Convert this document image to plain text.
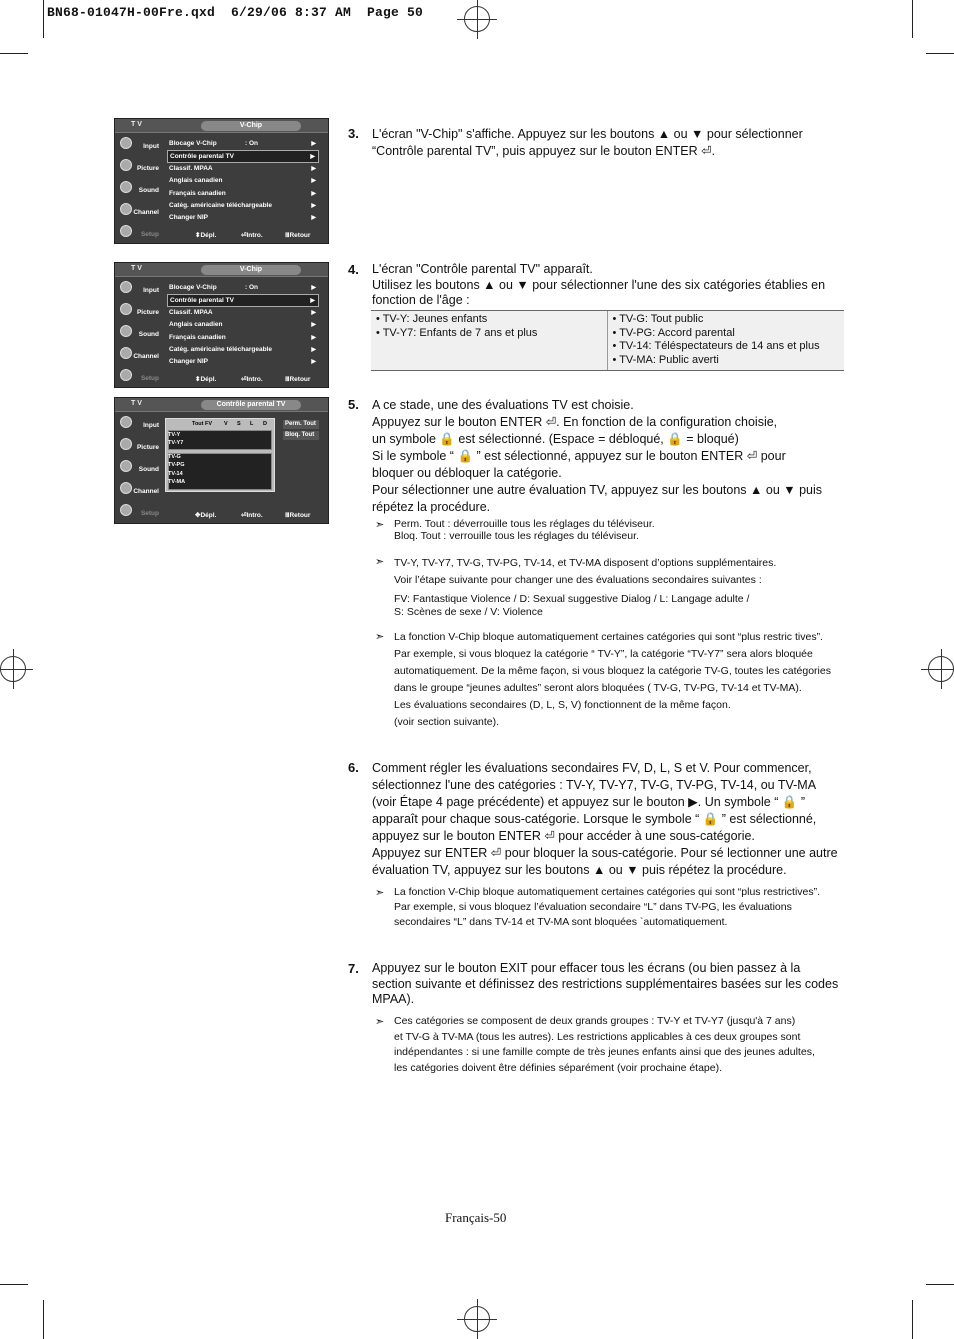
BN68-01047H-00Fre.qxd  6/29/06 8:37 AM  Page 50
T V	V-Chip
Input
Picture
Sound
Channel
Setup
Blocage V-Chip	: On	▶
Contrôle parental TV	▶
Classif. MPAA	▶
Anglais canadien	▶
Français canadien	▶
Catég. américaine téléchargeable	▶
Changer NIP	▶
⬍Dépl.	⏎Intro.	ⅢRetour
T V	V-Chip
Input
Picture
Sound
Channel
Setup
Blocage V-Chip	: On	▶
Contrôle parental TV	▶
Classif. MPAA	▶
Anglais canadien	▶
Français canadien	▶
Catég. américaine téléchargeable	▶
Changer NIP	▶
⬍Dépl.	⏎Intro.	ⅢRetour
T V	Contrôle parental TV
Input
Picture
Sound
Channel
Setup
Tout FV V S L D
TV-Y
TV-Y7
TV-G
TV-PG
TV-14
TV-MA
Perm. Tout
Bloq. Tout
✥Dépl.	⏎Intro.	ⅢRetour
3. L'écran "V-Chip" s'affiche. Appuyez sur les boutons ▲ ou ▼ pour sélectionner
“Contrôle parental TV”, puis appuyez sur le bouton ENTER ⏎.
4. L'écran "Contrôle parental TV" apparaît.
Utilisez les boutons ▲ ou ▼ pour sélectionner l'une des six catégories établies en
fonction de l'âge :
• TV-Y: Jeunes enfants
• TV-Y7: Enfants de 7 ans et plus

• TV-G: Tout public
• TV-PG: Accord parental
• TV-14: Téléspectateurs de 14 ans et plus
• TV-MA: Public averti
5. A ce stade, une des évaluations TV est choisie.
Appuyez sur le bouton ENTER ⏎. En fonction de la configuration choisie,
un symbole 🔒 est sélectionné. (Espace = débloqué, 🔒 = bloqué)
Si le symbole “ 🔒 ” est sélectionné, appuyez sur le bouton ENTER ⏎ pour
bloquer ou débloquer la catégorie.
Pour sélectionner une autre évaluation TV, appuyez sur les boutons ▲ ou ▼ puis
répétez la procédure.
➣ Perm. Tout : déverrouille tous les réglages du téléviseur.
Bloq. Tout : verrouille tous les réglages du téléviseur.
➣ TV-Y, TV-Y7, TV-G, TV-PG, TV-14, et TV-MA disposent d’options supplémentaires.
Voir l’étape suivante pour changer une des évaluations secondaires suivantes :
FV: Fantastique Violence / D: Sexual suggestive Dialog / L: Langage adulte /
S: Scènes de sexe / V: Violence
➣ La fonction V-Chip bloque automatiquement certaines catégories qui sont “plus restric tives”.
Par exemple, si vous bloquez la catégorie “ TV-Y”, la catégorie “TV-Y7” sera alors bloquée
automatiquement. De la même façon, si vous bloquez la catégorie TV-G, toutes les catégories
dans le groupe “jeunes adultes” seront alors bloquées ( TV-G, TV-PG, TV-14 et TV-MA).
Les évaluations secondaires (D, L, S, V) fonctionnent de la même façon.
(voir section suivante).
6. Comment régler les évaluations secondaires FV, D, L, S et V. Pour commencer,
sélectionnez l'une des catégories : TV-Y, TV-Y7, TV-G, TV-PG, TV-14, ou TV-MA
(voir Étape 4 page précédente) et appuyez sur le bouton ▶. Un symbole “ 🔒 ”
apparaît pour chaque sous-catégorie. Lorsque le symbole “ 🔒 ” est sélectionné,
appuyez sur le bouton ENTER ⏎ pour accéder à une sous-catégorie.
Appuyez sur ENTER ⏎ pour bloquer la sous-catégorie. Pour sé lectionner une autre
évaluation TV, appuyez sur les boutons ▲ ou ▼ puis répétez la procédure.
➣ La fonction V-Chip bloque automatiquement certaines catégories qui sont “plus restrictives”.
Par exemple, si vous bloquez l’évaluation secondaire “L” dans TV-PG, les évaluations
secondaires “L” dans TV-14 et TV-MA sont bloquées `automatiquement.
7. Appuyez sur le bouton EXIT pour effacer tous les écrans (ou bien passez à la
section suivante et définissez des restrictions supplémentaires basées sur les codes
MPAA).
➣ Ces catégories se composent de deux grands groupes : TV-Y et TV-Y7 (jusqu'à 7 ans)
et TV-G à TV-MA (tous les autres). Les restrictions applicables à ces deux groupes sont
indépendantes : si une famille compte de très jeunes enfants ainsi que des jeunes adultes,
les catégories doivent être définies séparément (voir prochaine étape).
Français-50
